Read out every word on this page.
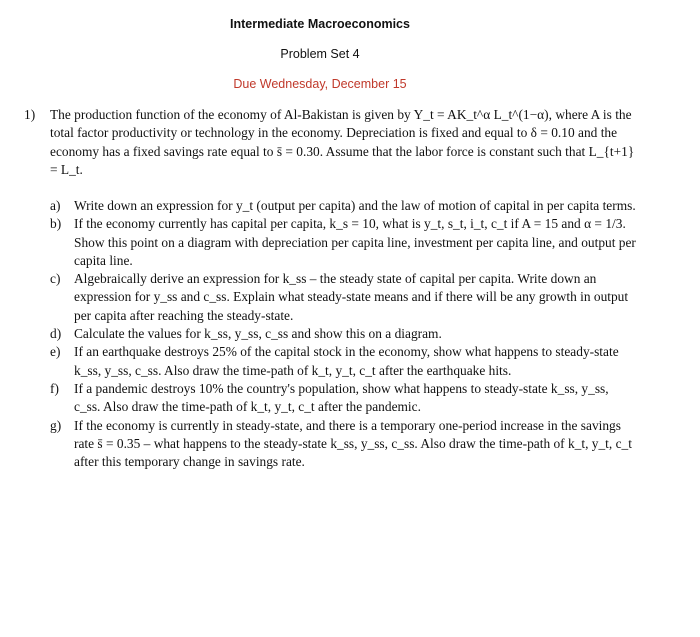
Intermediate Macroeconomics
Problem Set 4
Due Wednesday, December 15
1) The production function of the economy of Al-Bakistan is given by Y_t = AK_t^α L_t^(1−α), where A is the total factor productivity or technology in the economy. Depreciation is fixed and equal to δ = 0.10 and the economy has a fixed savings rate equal to s̄ = 0.30. Assume that the labor force is constant such that L_{t+1} = L_t.
a) Write down an expression for y_t (output per capita) and the law of motion of capital in per capita terms.
b) If the economy currently has capital per capita, k_s = 10, what is y_t, s_t, i_t, c_t if A = 15 and α = 1/3. Show this point on a diagram with depreciation per capita line, investment per capita line, and output per capita line.
c) Algebraically derive an expression for k_ss – the steady state of capital per capita. Write down an expression for y_ss and c_ss. Explain what steady-state means and if there will be any growth in output per capita after reaching the steady-state.
d) Calculate the values for k_ss, y_ss, c_ss and show this on a diagram.
e) If an earthquake destroys 25% of the capital stock in the economy, show what happens to steady-state k_ss, y_ss, c_ss. Also draw the time-path of k_t, y_t, c_t after the earthquake hits.
f) If a pandemic destroys 10% the country's population, show what happens to steady-state k_ss, y_ss, c_ss. Also draw the time-path of k_t, y_t, c_t after the pandemic.
g) If the economy is currently in steady-state, and there is a temporary one-period increase in the savings rate s̄ = 0.35 – what happens to the steady-state k_ss, y_ss, c_ss. Also draw the time-path of k_t, y_t, c_t after this temporary change in savings rate.
